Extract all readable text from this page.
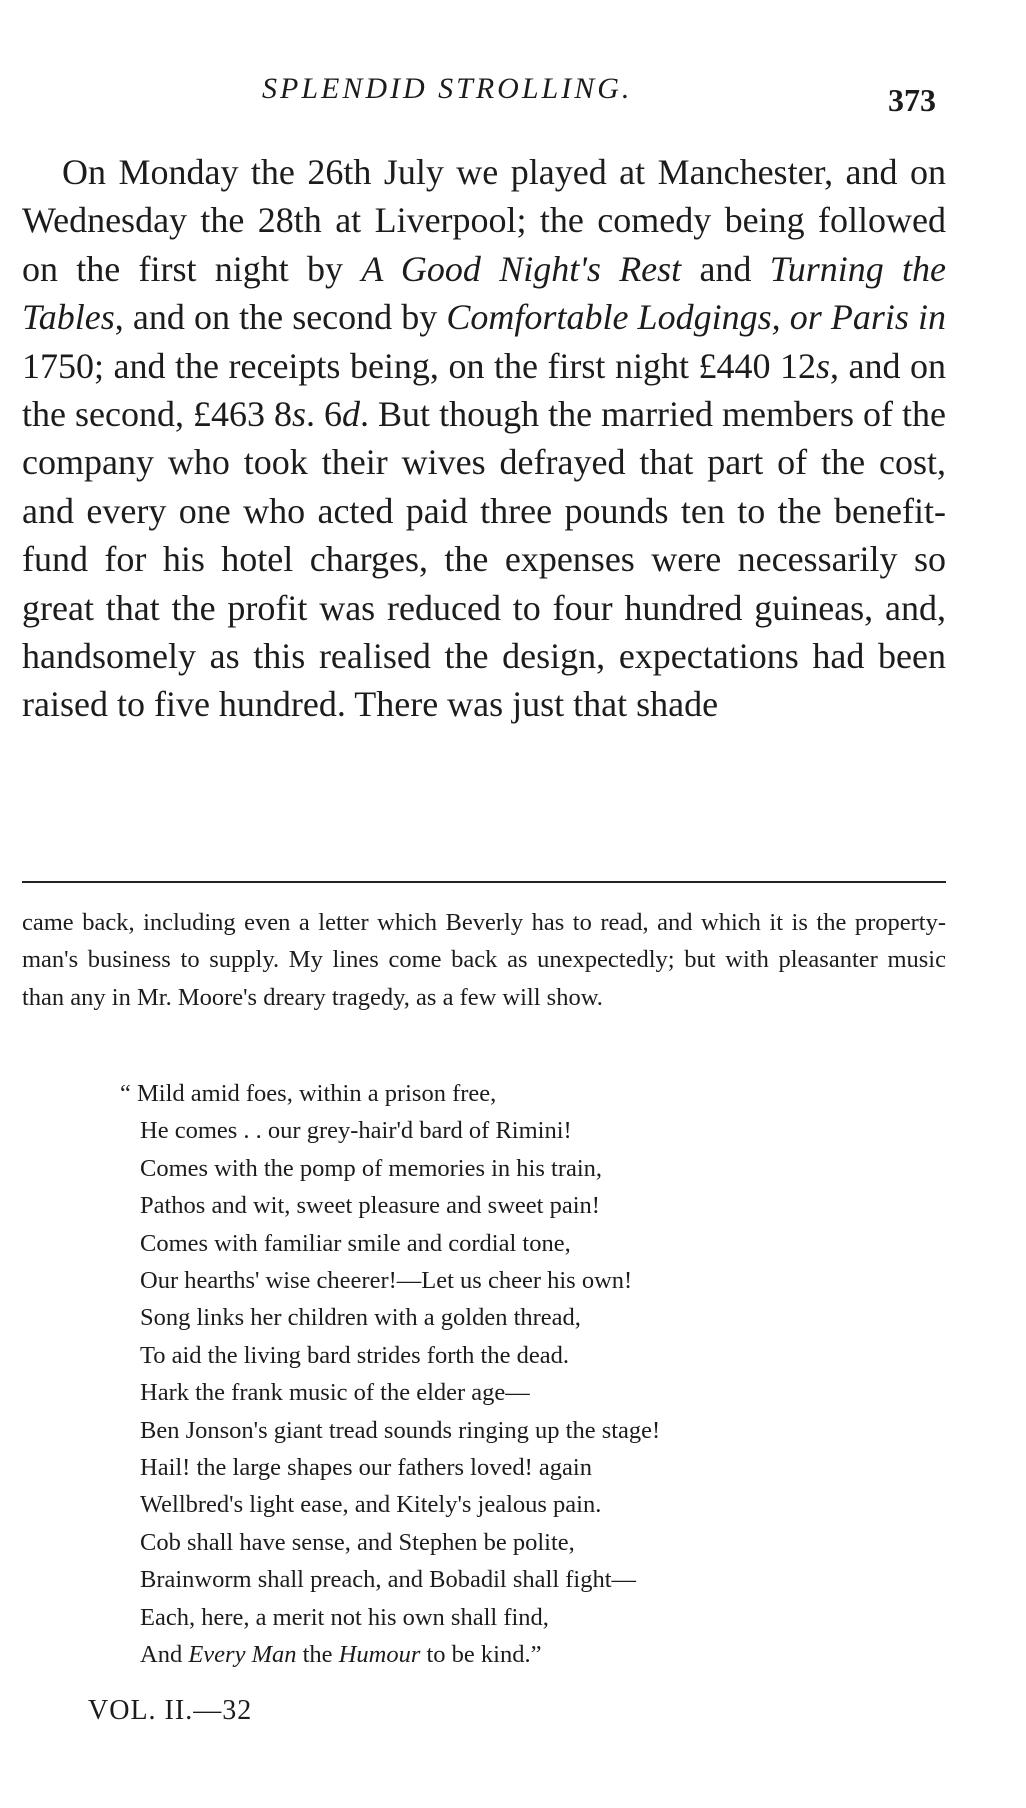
SPLENDID STROLLING.	373

On Monday the 26th July we played at Manchester, and on Wednesday the 28th at Liverpool; the comedy being followed on the first night by A Good Night's Rest and Turning the Tables, and on the second by Comfortable Lodgings, or Paris in 1750; and the receipts being, on the first night £440 12s, and on the second, £463 8s. 6d. But though the married members of the company who took their wives defrayed that part of the cost, and every one who acted paid three pounds ten to the benefit-fund for his hotel charges, the expenses were necessarily so great that the profit was reduced to four hundred guineas, and, handsomely as this realised the design, expectations had been raised to five hundred. There was just that shade

came back, including even a letter which Beverly has to read, and which it is the property-man's business to supply. My lines come back as unexpectedly; but with pleasanter music than any in Mr. Moore's dreary tragedy, as a few will show.

“ Mild amid foes, within a prison free,
He comes . . our grey-hair'd bard of Rimini!
Comes with the pomp of memories in his train,
Pathos and wit, sweet pleasure and sweet pain!
Comes with familiar smile and cordial tone,
Our hearths' wise cheerer!—Let us cheer his own!
Song links her children with a golden thread,
To aid the living bard strides forth the dead.
Hark the frank music of the elder age—
Ben Jonson's giant tread sounds ringing up the stage!
Hail! the large shapes our fathers loved! again
Wellbred's light ease, and Kitely's jealous pain.
Cob shall have sense, and Stephen be polite,
Brainworm shall preach, and Bobadil shall fight—
Each, here, a merit not his own shall find,
And Every Man the Humour to be kind.”
VOL. II.—32
